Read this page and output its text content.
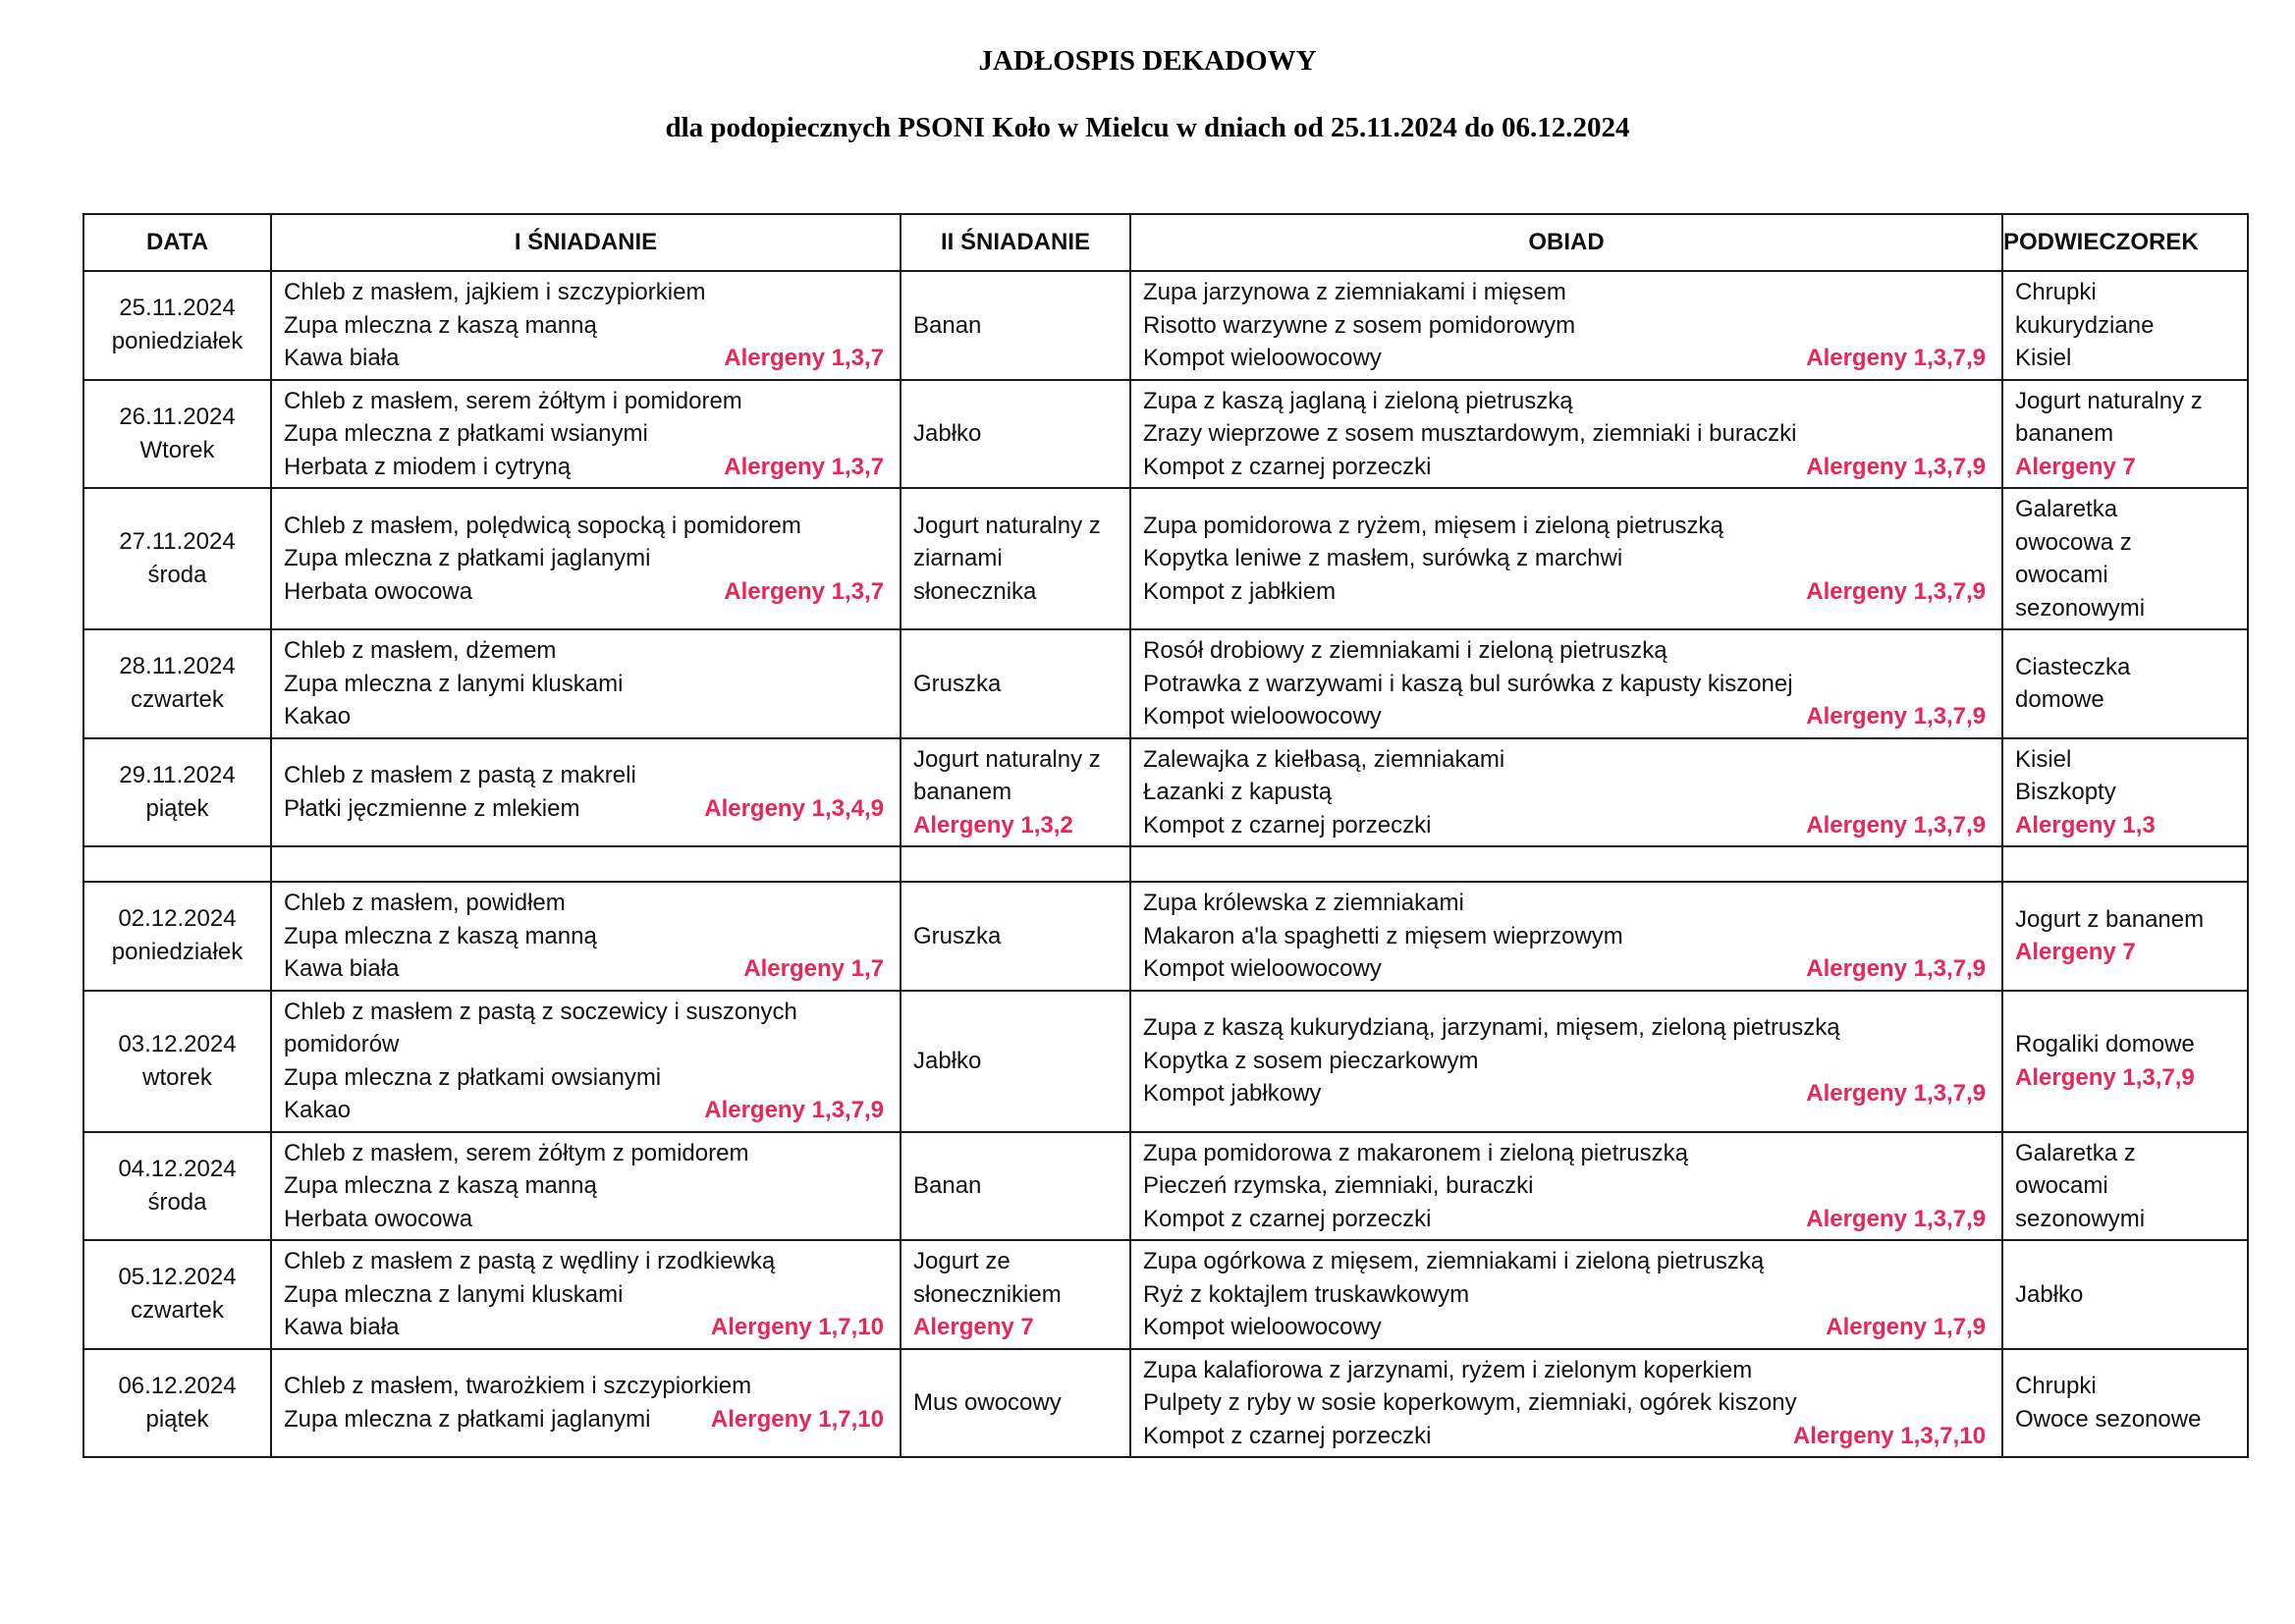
JADŁOSPIS DEKADOWY
dla podopiecznych PSONI Koło w Mielcu w dniach od 25.11.2024 do 06.12.2024
DATA	I ŚNIADANIE	II ŚNIADANIE	OBIAD	PODWIECZOREK

25.11.2024
poniedziałek	Chleb z masłem, jajkiem i szczypiorkiem
Zupa mleczna z kaszą manną
Kawa biała Alergeny 1,3,7	Banan	Zupa jarzynowa z ziemniakami i mięsem
Risotto warzywne z sosem pomidorowym
Kompot wieloowocowy Alergeny 1,3,7,9	Chrupki
kukurydziane
Kisiel

26.11.2024
Wtorek	Chleb z masłem, serem żółtym i pomidorem
Zupa mleczna z płatkami wsianymi
Herbata z miodem i cytryną Alergeny 1,3,7	Jabłko	Zupa z kaszą jaglaną i zieloną pietruszką
Zrazy wieprzowe z sosem musztardowym, ziemniaki i buraczki
Kompot z czarnej porzeczki Alergeny 1,3,7,9	Jogurt naturalny z
bananem
Alergeny 7

27.11.2024
środa	Chleb z masłem, polędwicą sopocką i pomidorem
Zupa mleczna z płatkami jaglanymi
Herbata owocowa Alergeny 1,3,7	Jogurt naturalny z
ziarnami
słonecznika	Zupa pomidorowa z ryżem, mięsem i zieloną pietruszką
Kopytka leniwe z masłem, surówką z marchwi
Kompot z jabłkiem Alergeny 1,3,7,9	Galaretka
owocowa z
owocami
sezonowymi

28.11.2024
czwartek	Chleb z masłem, dżemem
Zupa mleczna z lanymi kluskami
Kakao	Gruszka	Rosół drobiowy z ziemniakami i zieloną pietruszką
Potrawka z warzywami i kaszą bul surówka z kapusty kiszonej
Kompot wieloowocowy Alergeny 1,3,7,9	Ciasteczka
domowe

29.11.2024
piątek	Chleb z masłem z pastą z makreli
Płatki jęczmienne z mlekiem Alergeny 1,3,4,9	Jogurt naturalny z
bananem
Alergeny 1,3,2	Zalewajka z kiełbasą, ziemniakami
Łazanki z kapustą
Kompot z czarnej porzeczki Alergeny 1,3,7,9	Kisiel
Biszkopty
Alergeny 1,3

02.12.2024
poniedziałek	Chleb z masłem, powidłem
Zupa mleczna z kaszą manną
Kawa biała Alergeny 1,7	Gruszka	Zupa królewska z ziemniakami
Makaron a'la spaghetti z mięsem wieprzowym
Kompot wieloowocowy Alergeny 1,3,7,9	Jogurt z bananem
Alergeny 7

03.12.2024
wtorek	Chleb z masłem z pastą z soczewicy i suszonych
pomidorów
Zupa mleczna z płatkami owsianymi
Kakao Alergeny 1,3,7,9	Jabłko	Zupa z kaszą kukurydzianą, jarzynami, mięsem, zieloną pietruszką
Kopytka z sosem pieczarkowym
Kompot jabłkowy Alergeny 1,3,7,9	Rogaliki domowe
Alergeny 1,3,7,9

04.12.2024
środa	Chleb z masłem, serem żółtym z pomidorem
Zupa mleczna z kaszą manną
Herbata owocowa	Banan	Zupa pomidorowa z makaronem i zieloną pietruszką
Pieczeń rzymska, ziemniaki, buraczki
Kompot z czarnej porzeczki Alergeny 1,3,7,9	Galaretka z
owocami
sezonowymi

05.12.2024
czwartek	Chleb z masłem z pastą z wędliny i rzodkiewką
Zupa mleczna z lanymi kluskami
Kawa biała Alergeny 1,7,10	Jogurt ze
słonecznikiem
Alergeny 7	Zupa ogórkowa z mięsem, ziemniakami i zieloną pietruszką
Ryż z koktajlem truskawkowym
Kompot wieloowocowy Alergeny 1,7,9	Jabłko

06.12.2024
piątek	Chleb z masłem, twarożkiem i szczypiorkiem
Zupa mleczna z płatkami jaglanymi Alergeny 1,7,10	Mus owocowy	Zupa kalafiorowa z jarzynami, ryżem i zielonym koperkiem
Pulpety z ryby w sosie koperkowym, ziemniaki, ogórek kiszony
Kompot z czarnej porzeczki Alergeny 1,3,7,10	Chrupki
Owoce sezonowe
